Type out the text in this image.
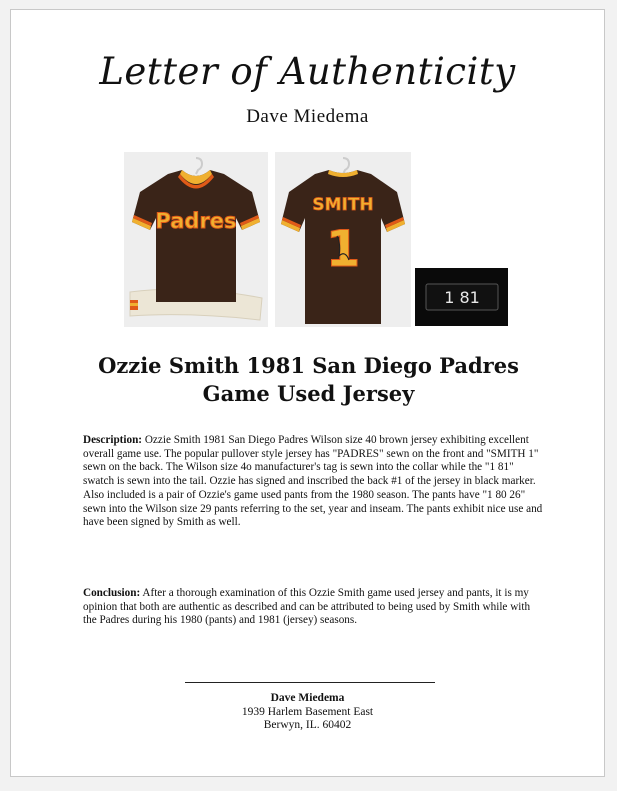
Letter of Authenticity
Dave Miedema
Padres
SMITH
1
1 81
Ozzie Smith 1981 San Diego Padres
Game Used Jersey
Description: Ozzie Smith 1981 San Diego Padres Wilson size 40 brown jersey exhibiting excellent overall game use. The popular pullover style jersey has "PADRES" sewn on the front and "SMITH 1" sewn on the back. The Wilson size 4o manufacturer's tag is sewn into the collar while the "1 81" swatch is sewn into the tail. Ozzie has signed and inscribed the back #1 of the jersey in black marker. Also included is a pair of Ozzie's game used pants from the 1980 season. The pants have "1 80 26" sewn into the Wilson size 29 pants referring to the set, year and inseam. The pants exhibit nice use and have been signed by Smith as well.
Conclusion: After a thorough examination of this Ozzie Smith game used jersey and pants, it is my opinion that both are authentic as described and can be attributed to being used by Smith while with the Padres during his 1980 (pants) and 1981 (jersey) seasons.
Dave Miedema
1939 Harlem Basement East
Berwyn, IL. 60402
